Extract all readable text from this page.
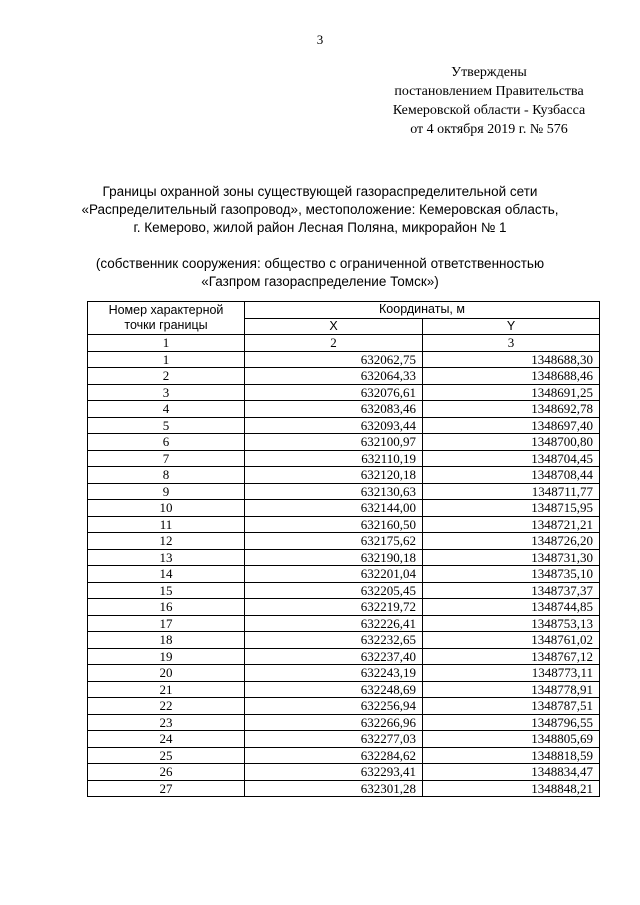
3
Утверждены
постановлением Правительства
Кемеровской области - Кузбасса
от 4 октября 2019 г. № 576
Границы охранной зоны существующей газораспределительной сети
«Распределительный газопровод», местоположение: Кемеровская область,
г. Кемерово, жилой район Лесная Поляна, микрорайон № 1
(собственник сооружения: общество с ограниченной ответственностью
«Газпром газораспределение Томск»)
Номер характерной
точки границы	Координаты, м	
	X	Y
1	2	3
1	632062,75	1348688,30
2	632064,33	1348688,46
3	632076,61	1348691,25
4	632083,46	1348692,78
5	632093,44	1348697,40
6	632100,97	1348700,80
7	632110,19	1348704,45
8	632120,18	1348708,44
9	632130,63	1348711,77
10	632144,00	1348715,95
11	632160,50	1348721,21
12	632175,62	1348726,20
13	632190,18	1348731,30
14	632201,04	1348735,10
15	632205,45	1348737,37
16	632219,72	1348744,85
17	632226,41	1348753,13
18	632232,65	1348761,02
19	632237,40	1348767,12
20	632243,19	1348773,11
21	632248,69	1348778,91
22	632256,94	1348787,51
23	632266,96	1348796,55
24	632277,03	1348805,69
25	632284,62	1348818,59
26	632293,41	1348834,47
27	632301,28	1348848,21
